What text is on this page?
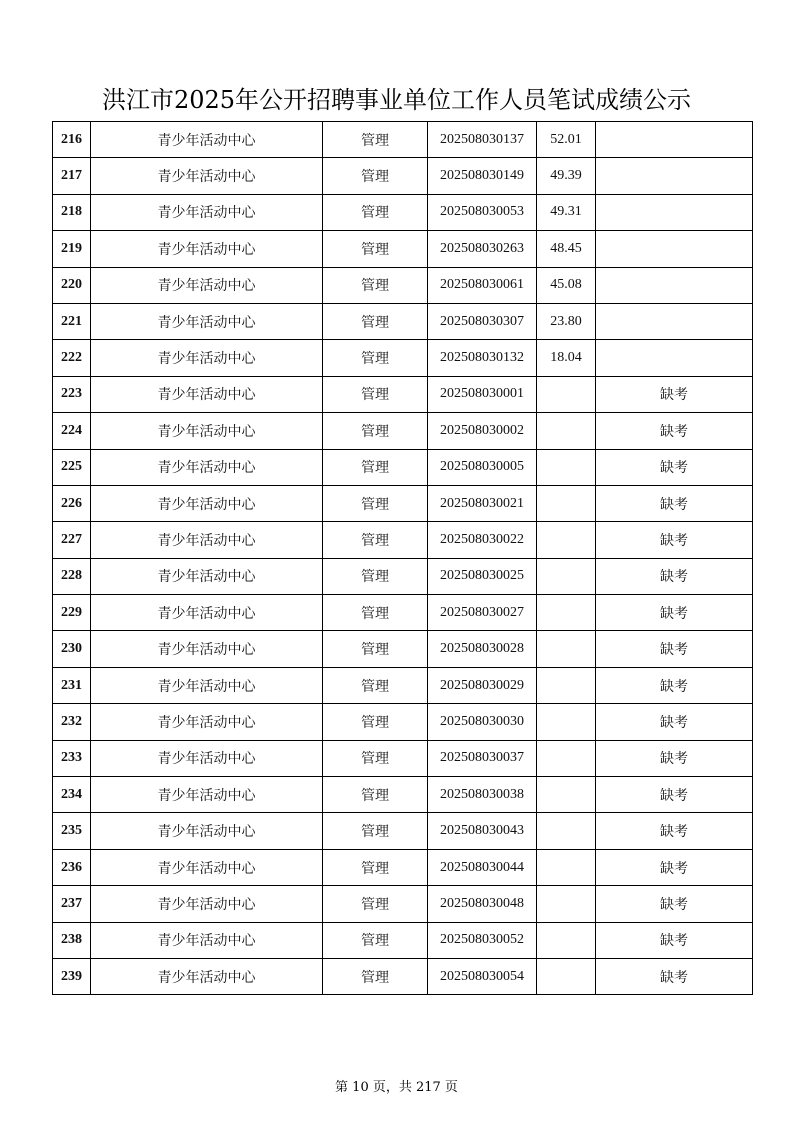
洪江市2025年公开招聘事业单位工作人员笔试成绩公示
216	青少年活动中心	管理	202508030137	52.01	
217	青少年活动中心	管理	202508030149	49.39	
218	青少年活动中心	管理	202508030053	49.31	
219	青少年活动中心	管理	202508030263	48.45	
220	青少年活动中心	管理	202508030061	45.08	
221	青少年活动中心	管理	202508030307	23.80	
222	青少年活动中心	管理	202508030132	18.04	
223	青少年活动中心	管理	202508030001		缺考
224	青少年活动中心	管理	202508030002		缺考
225	青少年活动中心	管理	202508030005		缺考
226	青少年活动中心	管理	202508030021		缺考
227	青少年活动中心	管理	202508030022		缺考
228	青少年活动中心	管理	202508030025		缺考
229	青少年活动中心	管理	202508030027		缺考
230	青少年活动中心	管理	202508030028		缺考
231	青少年活动中心	管理	202508030029		缺考
232	青少年活动中心	管理	202508030030		缺考
233	青少年活动中心	管理	202508030037		缺考
234	青少年活动中心	管理	202508030038		缺考
235	青少年活动中心	管理	202508030043		缺考
236	青少年活动中心	管理	202508030044		缺考
237	青少年活动中心	管理	202508030048		缺考
238	青少年活动中心	管理	202508030052		缺考
239	青少年活动中心	管理	202508030054		缺考
第 10 页，共 217 页
